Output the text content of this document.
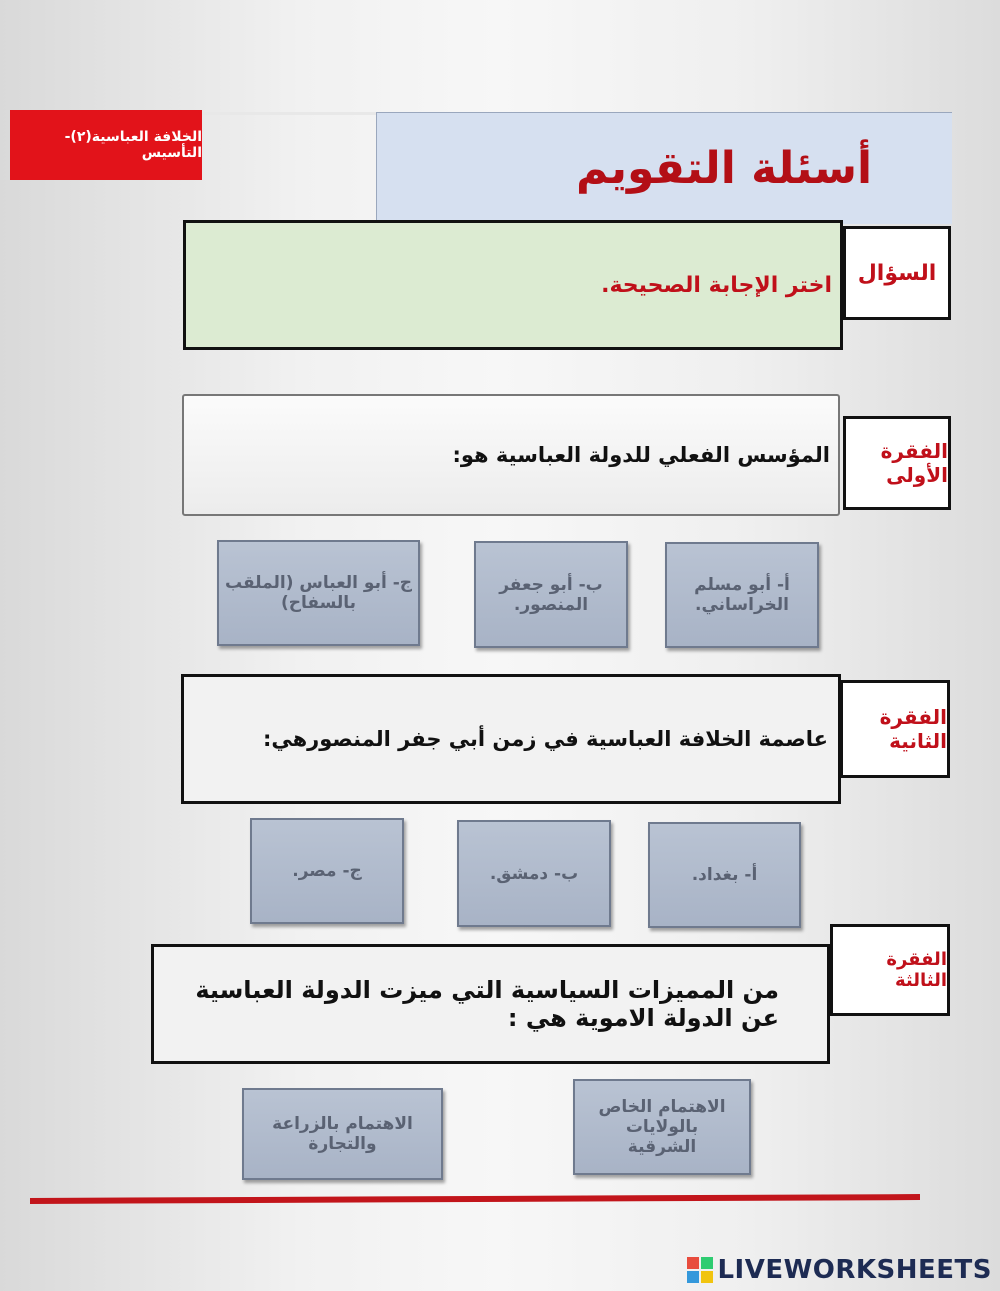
أسئلة التقويم
الخلافة العباسية(٢)- التأسيس
اختر الإجابة الصحيحة.	السؤال
المؤسس الفعلي للدولة العباسية هو:	الفقرة الأولى
أ- أبو مسلم الخراساني.
ب- أبو جعفر المنصور.
ج- أبو العباس (الملقب بالسفاح)
عاصمة الخلافة العباسية في زمن أبي جفر المنصورهي:
الفقرة الثانية
أ- بغداد.
ب- دمشق.
ج- مصر.
من المميزات السياسية التي ميزت الدولة العباسية عن الدولة الاموية هي :
الفقرة الثالثة
الاهتمام الخاص بالولايات الشرقية
الاهتمام بالزراعة والتجارة
LIVEWORKSHEETS
